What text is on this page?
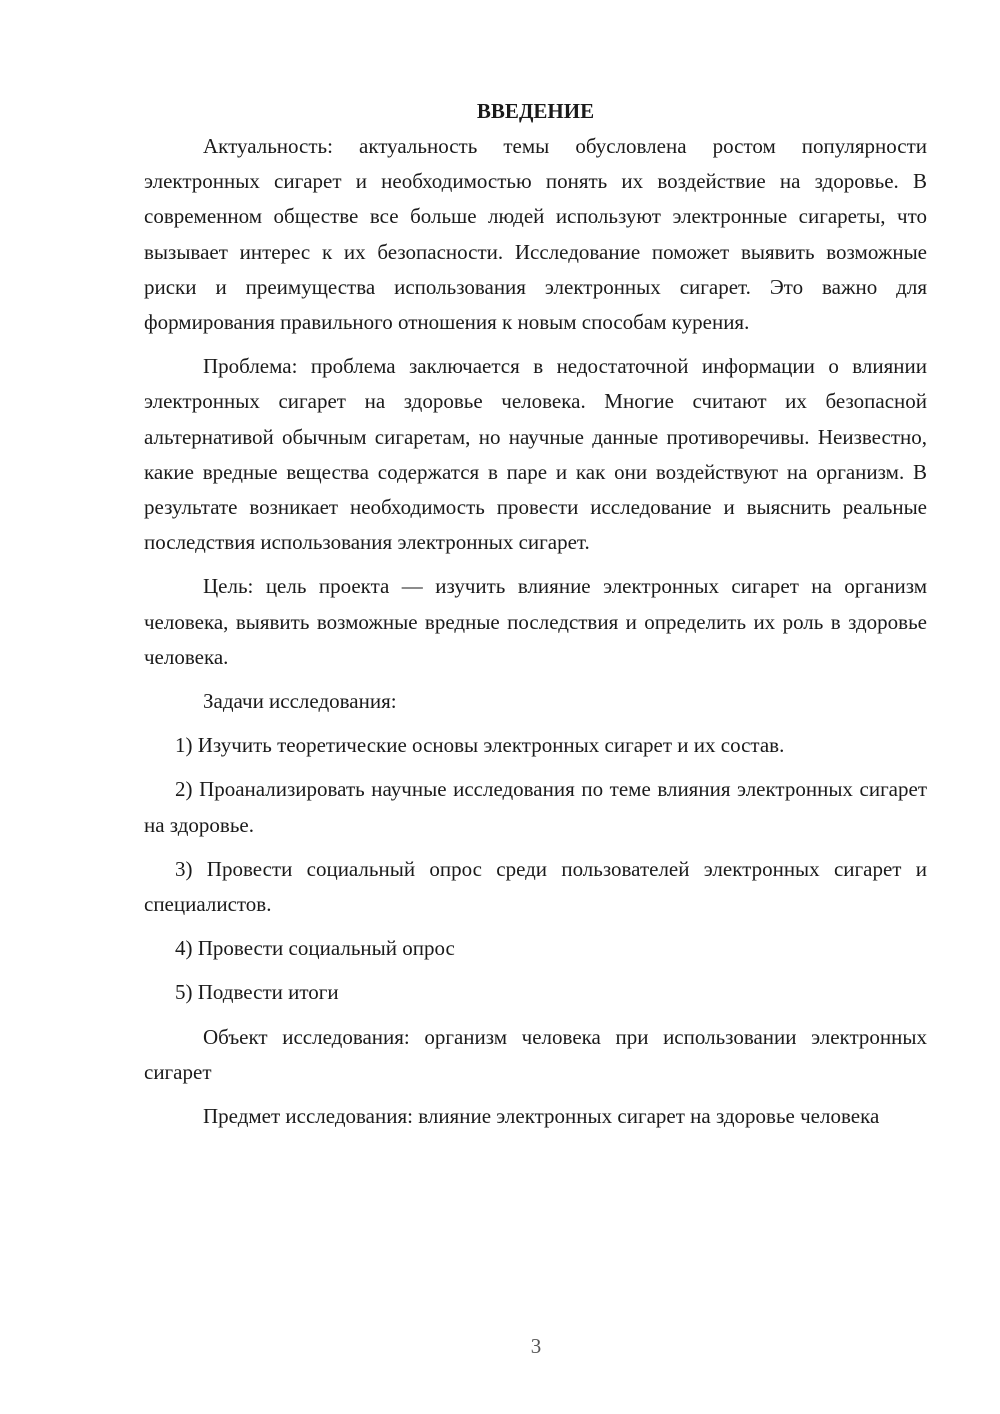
ВВЕДЕНИЕ

Актуальность: актуальность темы обусловлена ростом популярности электронных сигарет и необходимостью понять их воздействие на здоровье. В современном обществе все больше людей используют электронные сигареты, что вызывает интерес к их безопасности. Исследование поможет выявить возможные риски и преимущества использования электронных сигарет. Это важно для формирования правильного отношения к новым способам курения.

Проблема: проблема заключается в недостаточной информации о влиянии электронных сигарет на здоровье человека. Многие считают их безопасной альтернативой обычным сигаретам, но научные данные противоречивы. Неизвестно, какие вредные вещества содержатся в паре и как они воздействуют на организм. В результате возникает необходимость провести исследование и выяснить реальные последствия использования электронных сигарет.

Цель: цель проекта — изучить влияние электронных сигарет на организм человека, выявить возможные вредные последствия и определить их роль в здоровье человека.

Задачи исследования:

1) Изучить теоретические основы электронных сигарет и их состав.

2) Проанализировать научные исследования по теме влияния электронных сигарет на здоровье.

3) Провести социальный опрос среди пользователей электронных сигарет и специалистов.

4) Провести социальный опрос

5) Подвести итоги

Объект исследования: организм человека при использовании электронных сигарет

Предмет исследования: влияние электронных сигарет на здоровье человека

3
